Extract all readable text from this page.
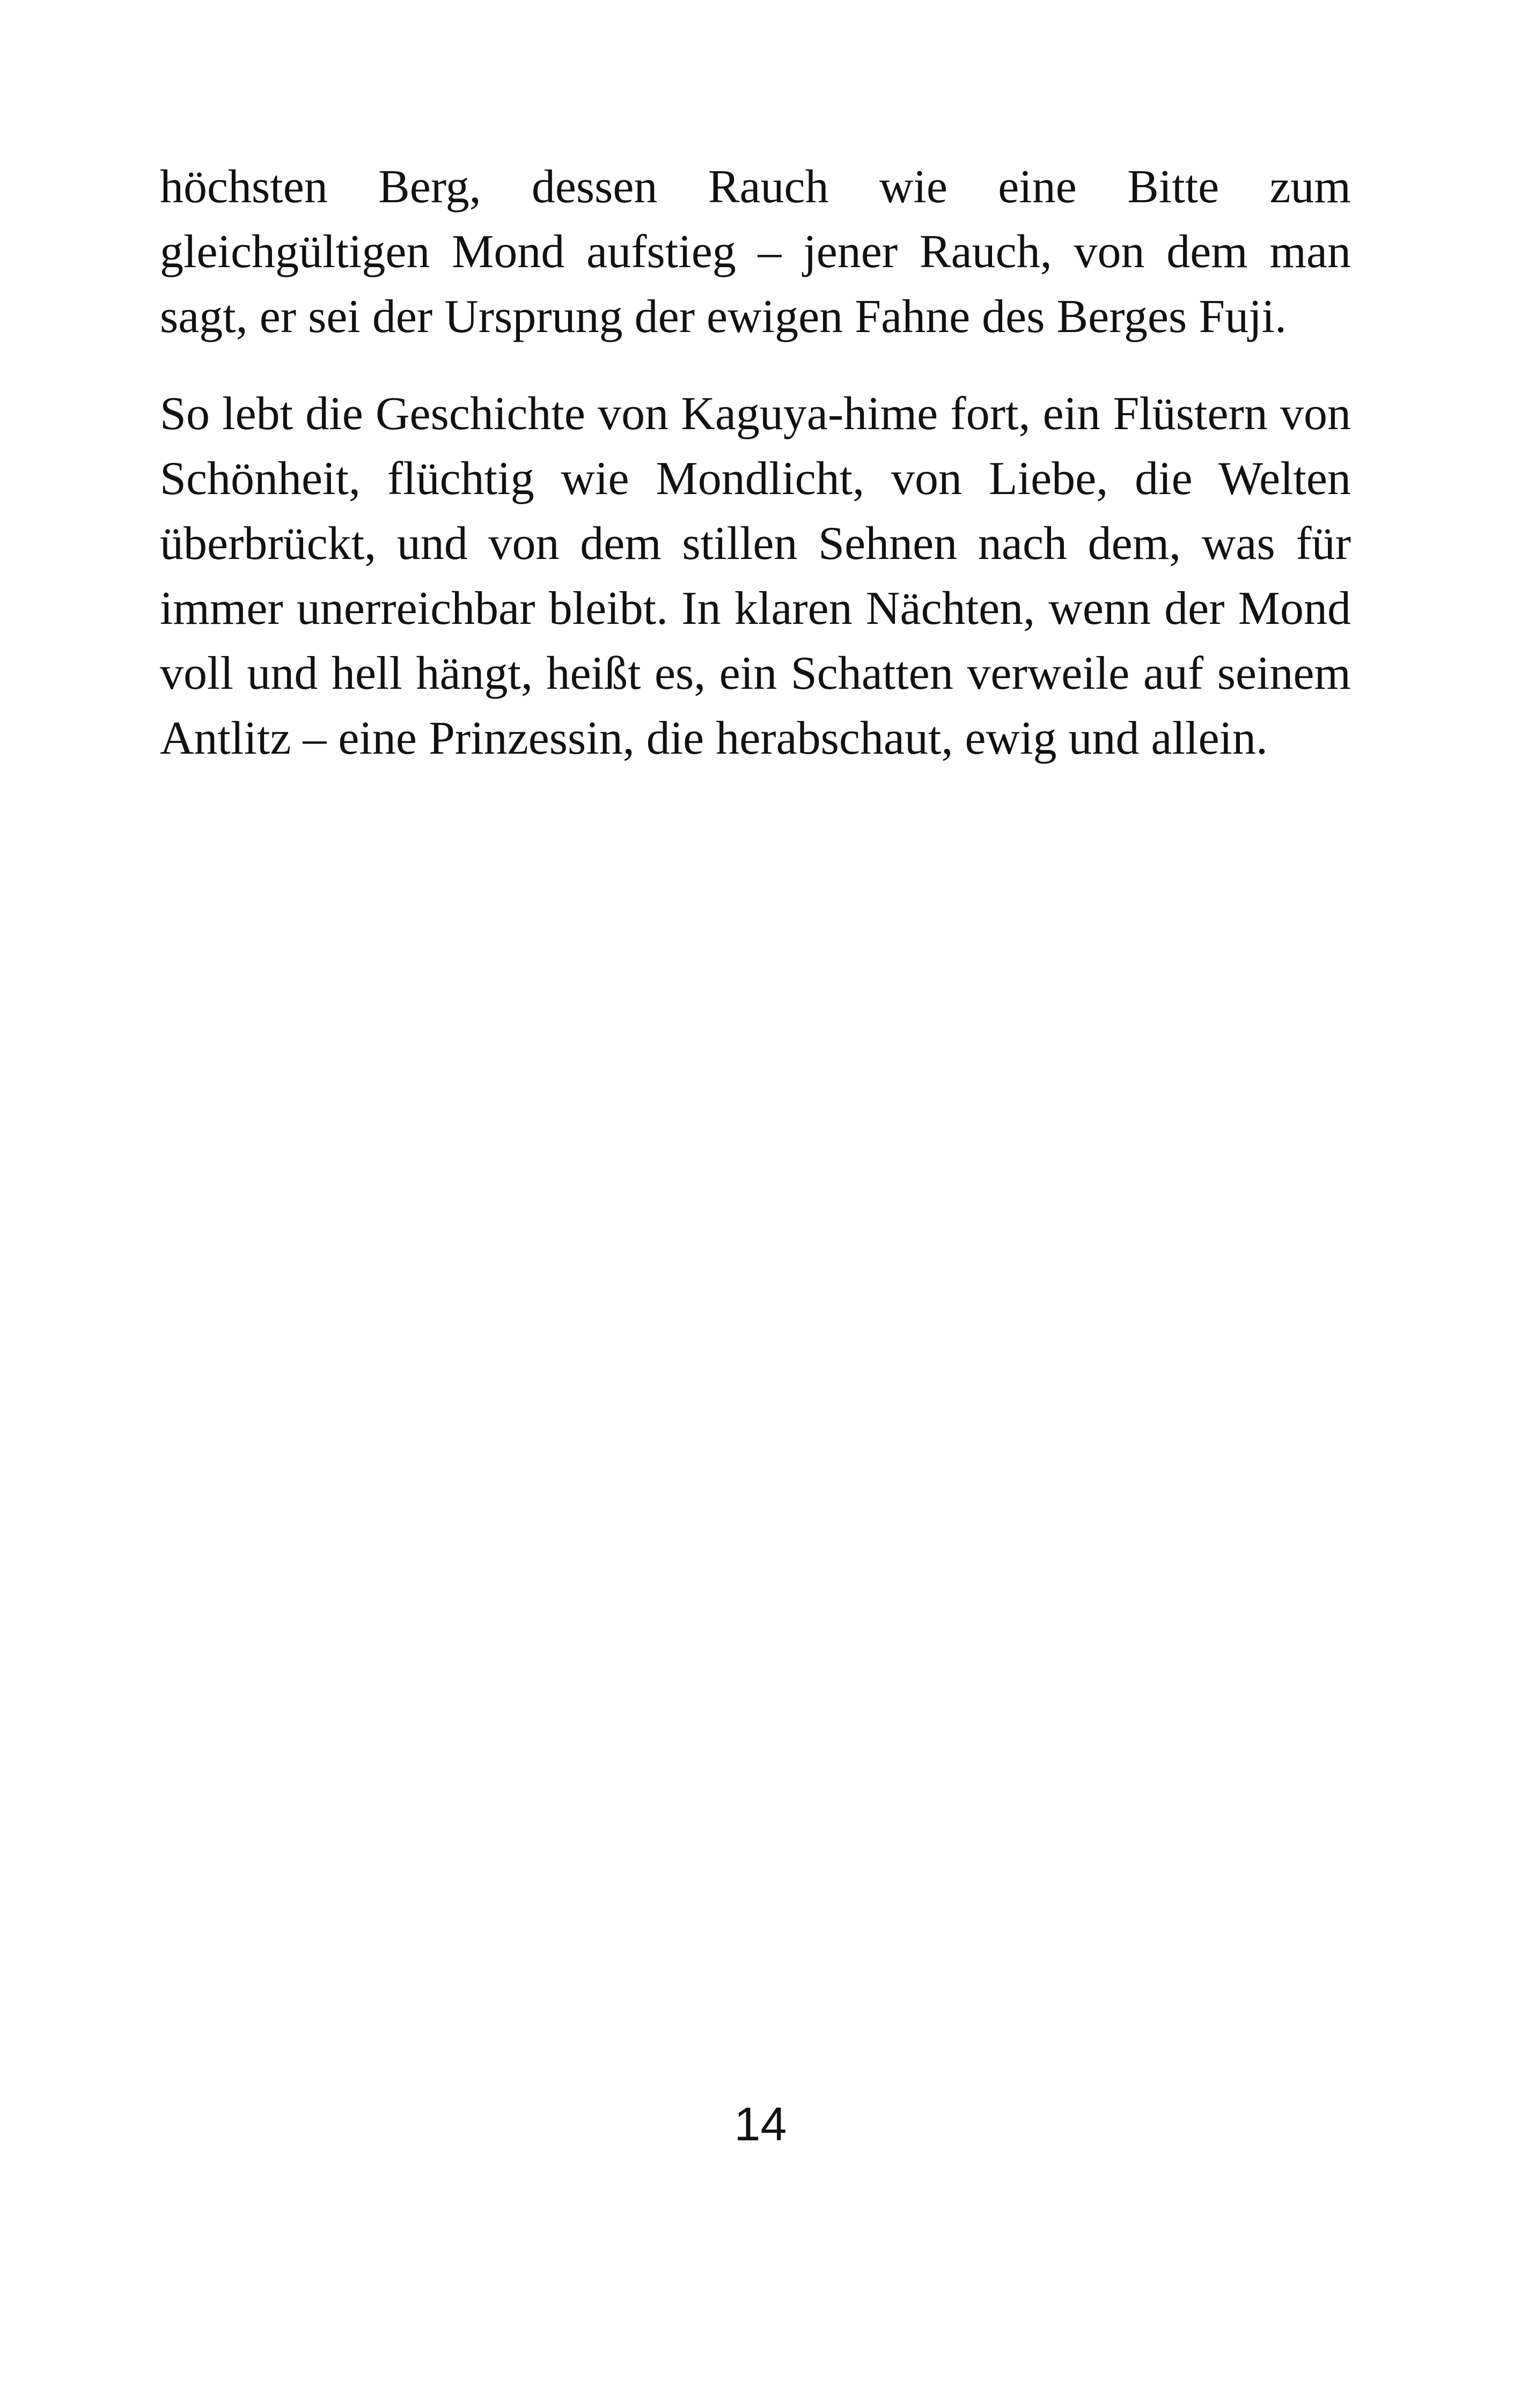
höchsten Berg, dessen Rauch wie eine Bitte zum gleichgültigen Mond aufstieg – jener Rauch, von dem man sagt, er sei der Ursprung der ewigen Fahne des Berges Fuji.

So lebt die Geschichte von Kaguya-hime fort, ein Flüstern von Schönheit, flüchtig wie Mondlicht, von Liebe, die Welten überbrückt, und von dem stillen Sehnen nach dem, was für immer unerreichbar bleibt. In klaren Nächten, wenn der Mond voll und hell hängt, heißt es, ein Schatten verweile auf seinem Antlitz – eine Prinzessin, die herabschaut, ewig und allein.

14
